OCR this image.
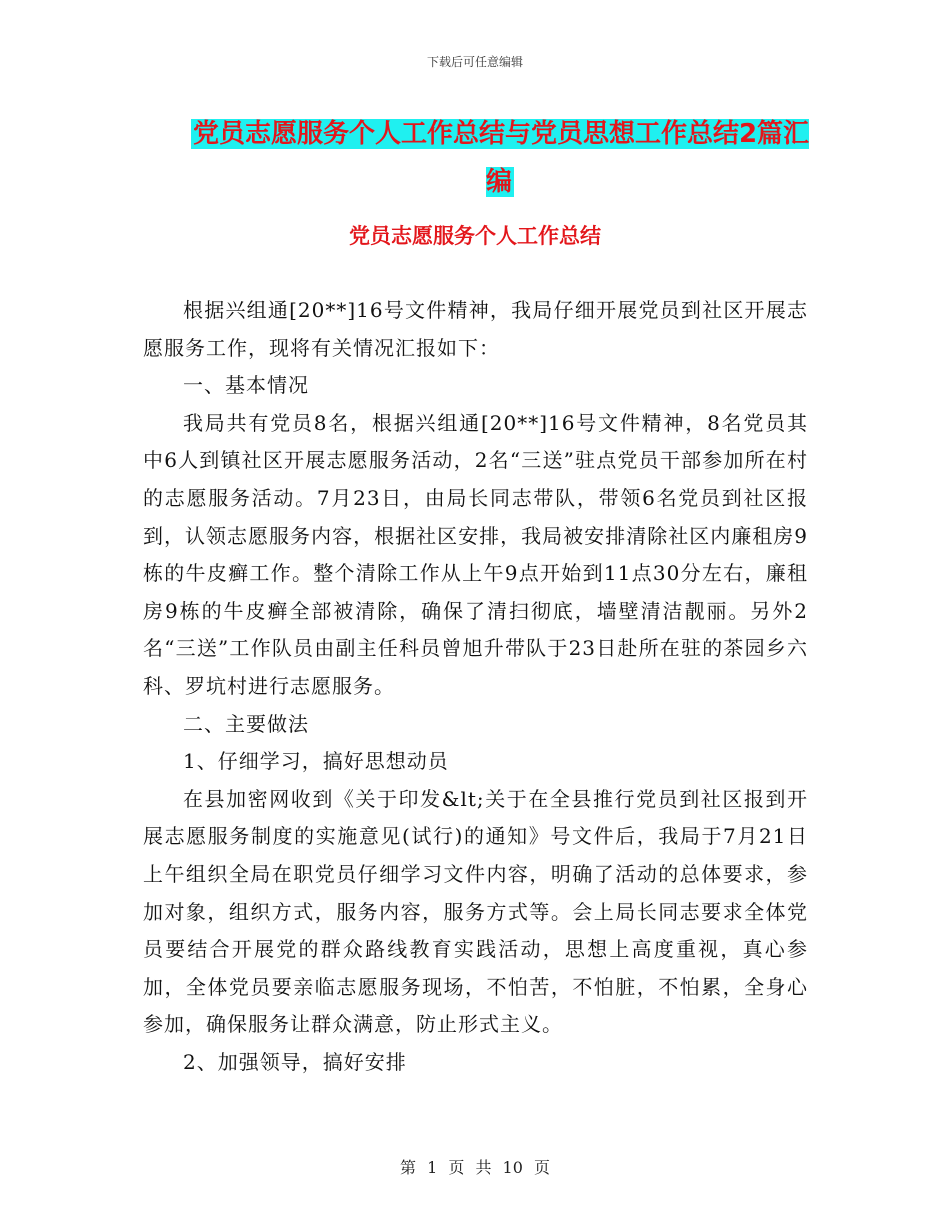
下载后可任意编辑
党员志愿服务个人工作总结与党员思想工作总结2篇汇编
党员志愿服务个人工作总结

根据兴组通[20**]16号文件精神，我局仔细开展党员到社区开展志愿服务工作，现将有关情况汇报如下：

一、基本情况

我局共有党员8名，根据兴组通[20**]16号文件精神，8名党员其中6人到镇社区开展志愿服务活动，2名“三送”驻点党员干部参加所在村的志愿服务活动。7月23日，由局长同志带队，带领6名党员到社区报到，认领志愿服务内容，根据社区安排，我局被安排清除社区内廉租房9栋的牛皮癣工作。整个清除工作从上午9点开始到11点30分左右，廉租房9栋的牛皮癣全部被清除，确保了清扫彻底，墙壁清洁靓丽。另外2名“三送”工作队员由副主任科员曾旭升带队于23日赴所在驻的茶园乡六科、罗坑村进行志愿服务。

二、主要做法

1、仔细学习，搞好思想动员

在县加密网收到《关于印发&lt;关于在全县推行党员到社区报到开展志愿服务制度的实施意见(试行)的通知》号文件后，我局于7月21日上午组织全局在职党员仔细学习文件内容，明确了活动的总体要求，参加对象，组织方式，服务内容，服务方式等。会上局长同志要求全体党员要结合开展党的群众路线教育实践活动，思想上高度重视，真心参加，全体党员要亲临志愿服务现场，不怕苦，不怕脏，不怕累，全身心参加，确保服务让群众满意，防止形式主义。

2、加强领导，搞好安排

第 1 页 共 10 页
